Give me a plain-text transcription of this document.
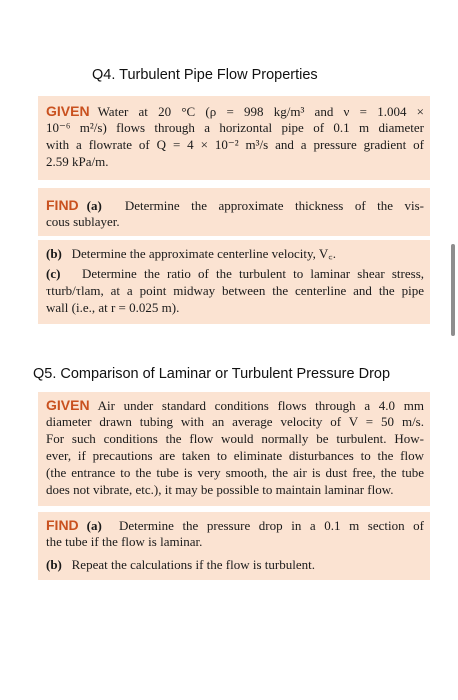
Q4. Turbulent Pipe Flow Properties
GIVEN Water at 20 °C (ρ = 998 kg/m³ and ν = 1.004 ×
10⁻⁶ m²/s) flows through a horizontal pipe of 0.1 m diameter
with a flowrate of Q = 4 × 10⁻² m³/s and a pressure gradient of
2.59 kPa/m.
FIND (a) Determine the approximate thickness of the vis-
cous sublayer.
(b) Determine the approximate centerline velocity, V꜀.
(c) Determine the ratio of the turbulent to laminar shear stress,
τturb/τlam, at a point midway between the centerline and the pipe
wall (i.e., at r = 0.025 m).
Q5. Comparison of Laminar or Turbulent Pressure Drop
GIVEN Air under standard conditions flows through a 4.0 mm
diameter drawn tubing with an average velocity of V = 50 m/s.
For such conditions the flow would normally be turbulent. How-
ever, if precautions are taken to eliminate disturbances to the flow
(the entrance to the tube is very smooth, the air is dust free, the tube
does not vibrate, etc.), it may be possible to maintain laminar flow.
FIND (a) Determine the pressure drop in a 0.1 m section of
the tube if the flow is laminar.
(b) Repeat the calculations if the flow is turbulent.
